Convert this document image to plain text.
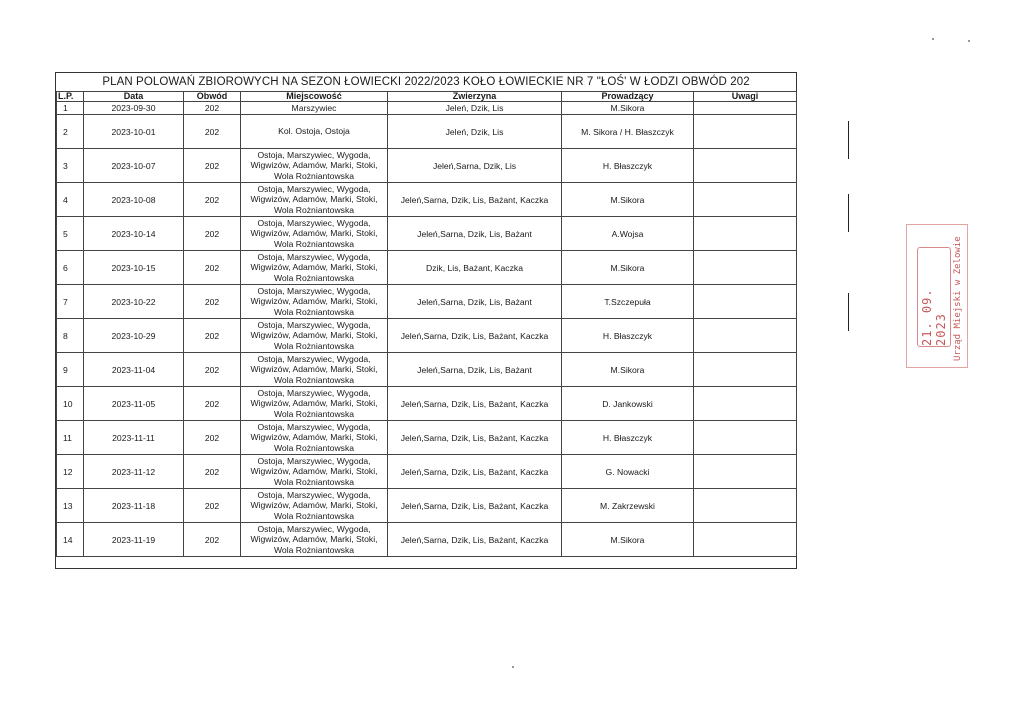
PLAN POLOWAŃ ZBIOROWYCH NA SEZON ŁOWIECKI 2022/2023 KOŁO ŁOWIECKIE NR 7 "ŁOŚ' W ŁODZI OBWÓD 202
L.P.	Data	Obwód	Miejscowość	Zwierzyna	Prowadzący	Uwagi
1	2023-09-30	202	Marszywiec	Jeleń, Dzik, Lis	M.Sikora	
2	2023-10-01	202	Kol. Ostoja, Ostoja	Jeleń, Dzik, Lis	M. Sikora / H. Błaszczyk	
3	2023-10-07	202	Ostoja, Marszywiec, Wygoda,
Wigwizów, Adamów, Marki, Stoki,
Wola Rożniantowska	Jeleń,Sarna, Dzik, Lis	H. Błaszczyk	
4	2023-10-08	202	Ostoja, Marszywiec, Wygoda,
Wigwizów, Adamów, Marki, Stoki,
Wola Rożniantowska	Jeleń,Sarna, Dzik, Lis, Bażant, Kaczka	M.Sikora	
5	2023-10-14	202	Ostoja, Marszywiec, Wygoda,
Wigwizów, Adamów, Marki, Stoki,
Wola Rożniantowska	Jeleń,Sarna, Dzik, Lis, Bażant	A.Wojsa	
6	2023-10-15	202	Ostoja, Marszywiec, Wygoda,
Wigwizów, Adamów, Marki, Stoki,
Wola Rożniantowska	Dzik, Lis, Bażant, Kaczka	M.Sikora	
7	2023-10-22	202	Ostoja, Marszywiec, Wygoda,
Wigwizów, Adamów, Marki, Stoki,
Wola Rożniantowska	Jeleń,Sarna, Dzik, Lis, Bażant	T.Szczepuła	
8	2023-10-29	202	Ostoja, Marszywiec, Wygoda,
Wigwizów, Adamów, Marki, Stoki,
Wola Rożniantowska	Jeleń,Sarna, Dzik, Lis, Bażant, Kaczka	H. Błaszczyk	
9	2023-11-04	202	Ostoja, Marszywiec, Wygoda,
Wigwizów, Adamów, Marki, Stoki,
Wola Rożniantowska	Jeleń,Sarna, Dzik, Lis, Bażant	M.Sikora	
10	2023-11-05	202	Ostoja, Marszywiec, Wygoda,
Wigwizów, Adamów, Marki, Stoki,
Wola Rożniantowska	Jeleń,Sarna, Dzik, Lis, Bażant, Kaczka	D. Jankowski	
11	2023-11-11	202	Ostoja, Marszywiec, Wygoda,
Wigwizów, Adamów, Marki, Stoki,
Wola Rożniantowska	Jeleń,Sarna, Dzik, Lis, Bażant, Kaczka	H. Błaszczyk	
12	2023-11-12	202	Ostoja, Marszywiec, Wygoda,
Wigwizów, Adamów, Marki, Stoki,
Wola Rożniantowska	Jeleń,Sarna, Dzik, Lis, Bażant, Kaczka	G. Nowacki	
13	2023-11-18	202	Ostoja, Marszywiec, Wygoda,
Wigwizów, Adamów, Marki, Stoki,
Wola Rożniantowska	Jeleń,Sarna, Dzik, Lis, Bażant, Kaczka	M. Zakrzewski	
14	2023-11-19	202	Ostoja, Marszywiec, Wygoda,
Wigwizów, Adamów, Marki, Stoki,
Wola Rożniantowska	Jeleń,Sarna, Dzik, Lis, Bażant, Kaczka	M.Sikora	
21. 09. 2023 Urząd Miejski w Zelowie
